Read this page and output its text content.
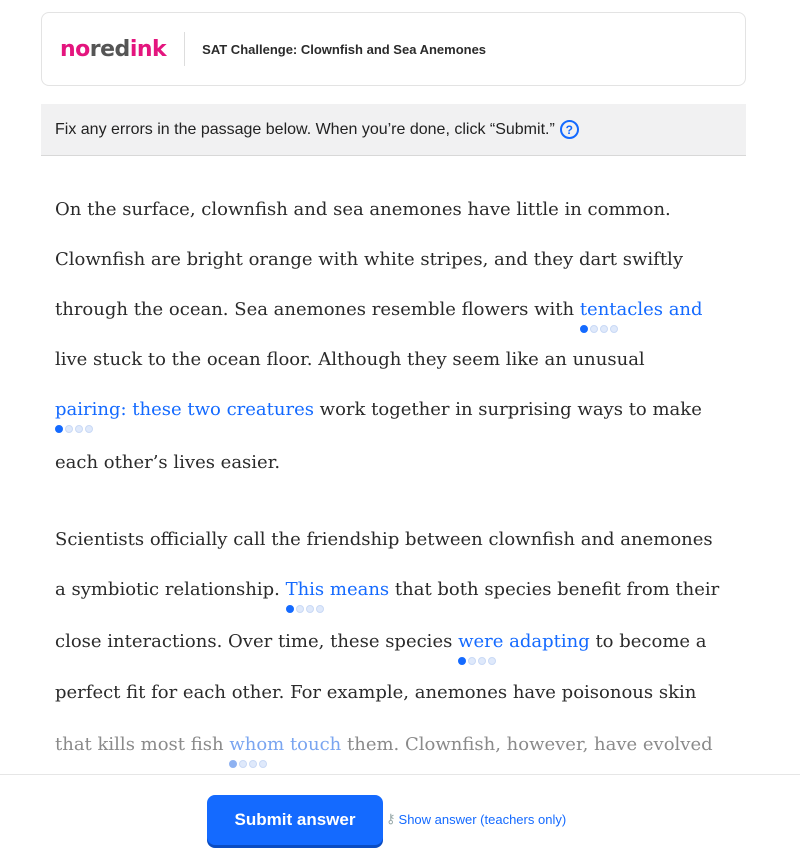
noredink	SAT Challenge: Clownfish and Sea Anemones
Fix any errors in the passage below. When you’re done, click “Submit.” ?
On the surface, clownfish and sea anemones have little in common.
Clownfish are bright orange with white stripes, and they dart swiftly
through the ocean. Sea anemones resemble flowers with tentacles and
live stuck to the ocean floor. Although they seem like an unusual
pairing: these two creatures
work together in surprising ways to make
each other’s lives easier.
Scientists officially call the friendship between clownfish and anemones
a symbiotic relationship. This means
that both species benefit from their
close interactions. Over time, these species were adapting
to become a
perfect fit for each other. For example, anemones have poisonous skin
that kills most fish whom touch
them. Clownfish, however, have evolved
Submit answer	⚷ Show answer (teachers only)
